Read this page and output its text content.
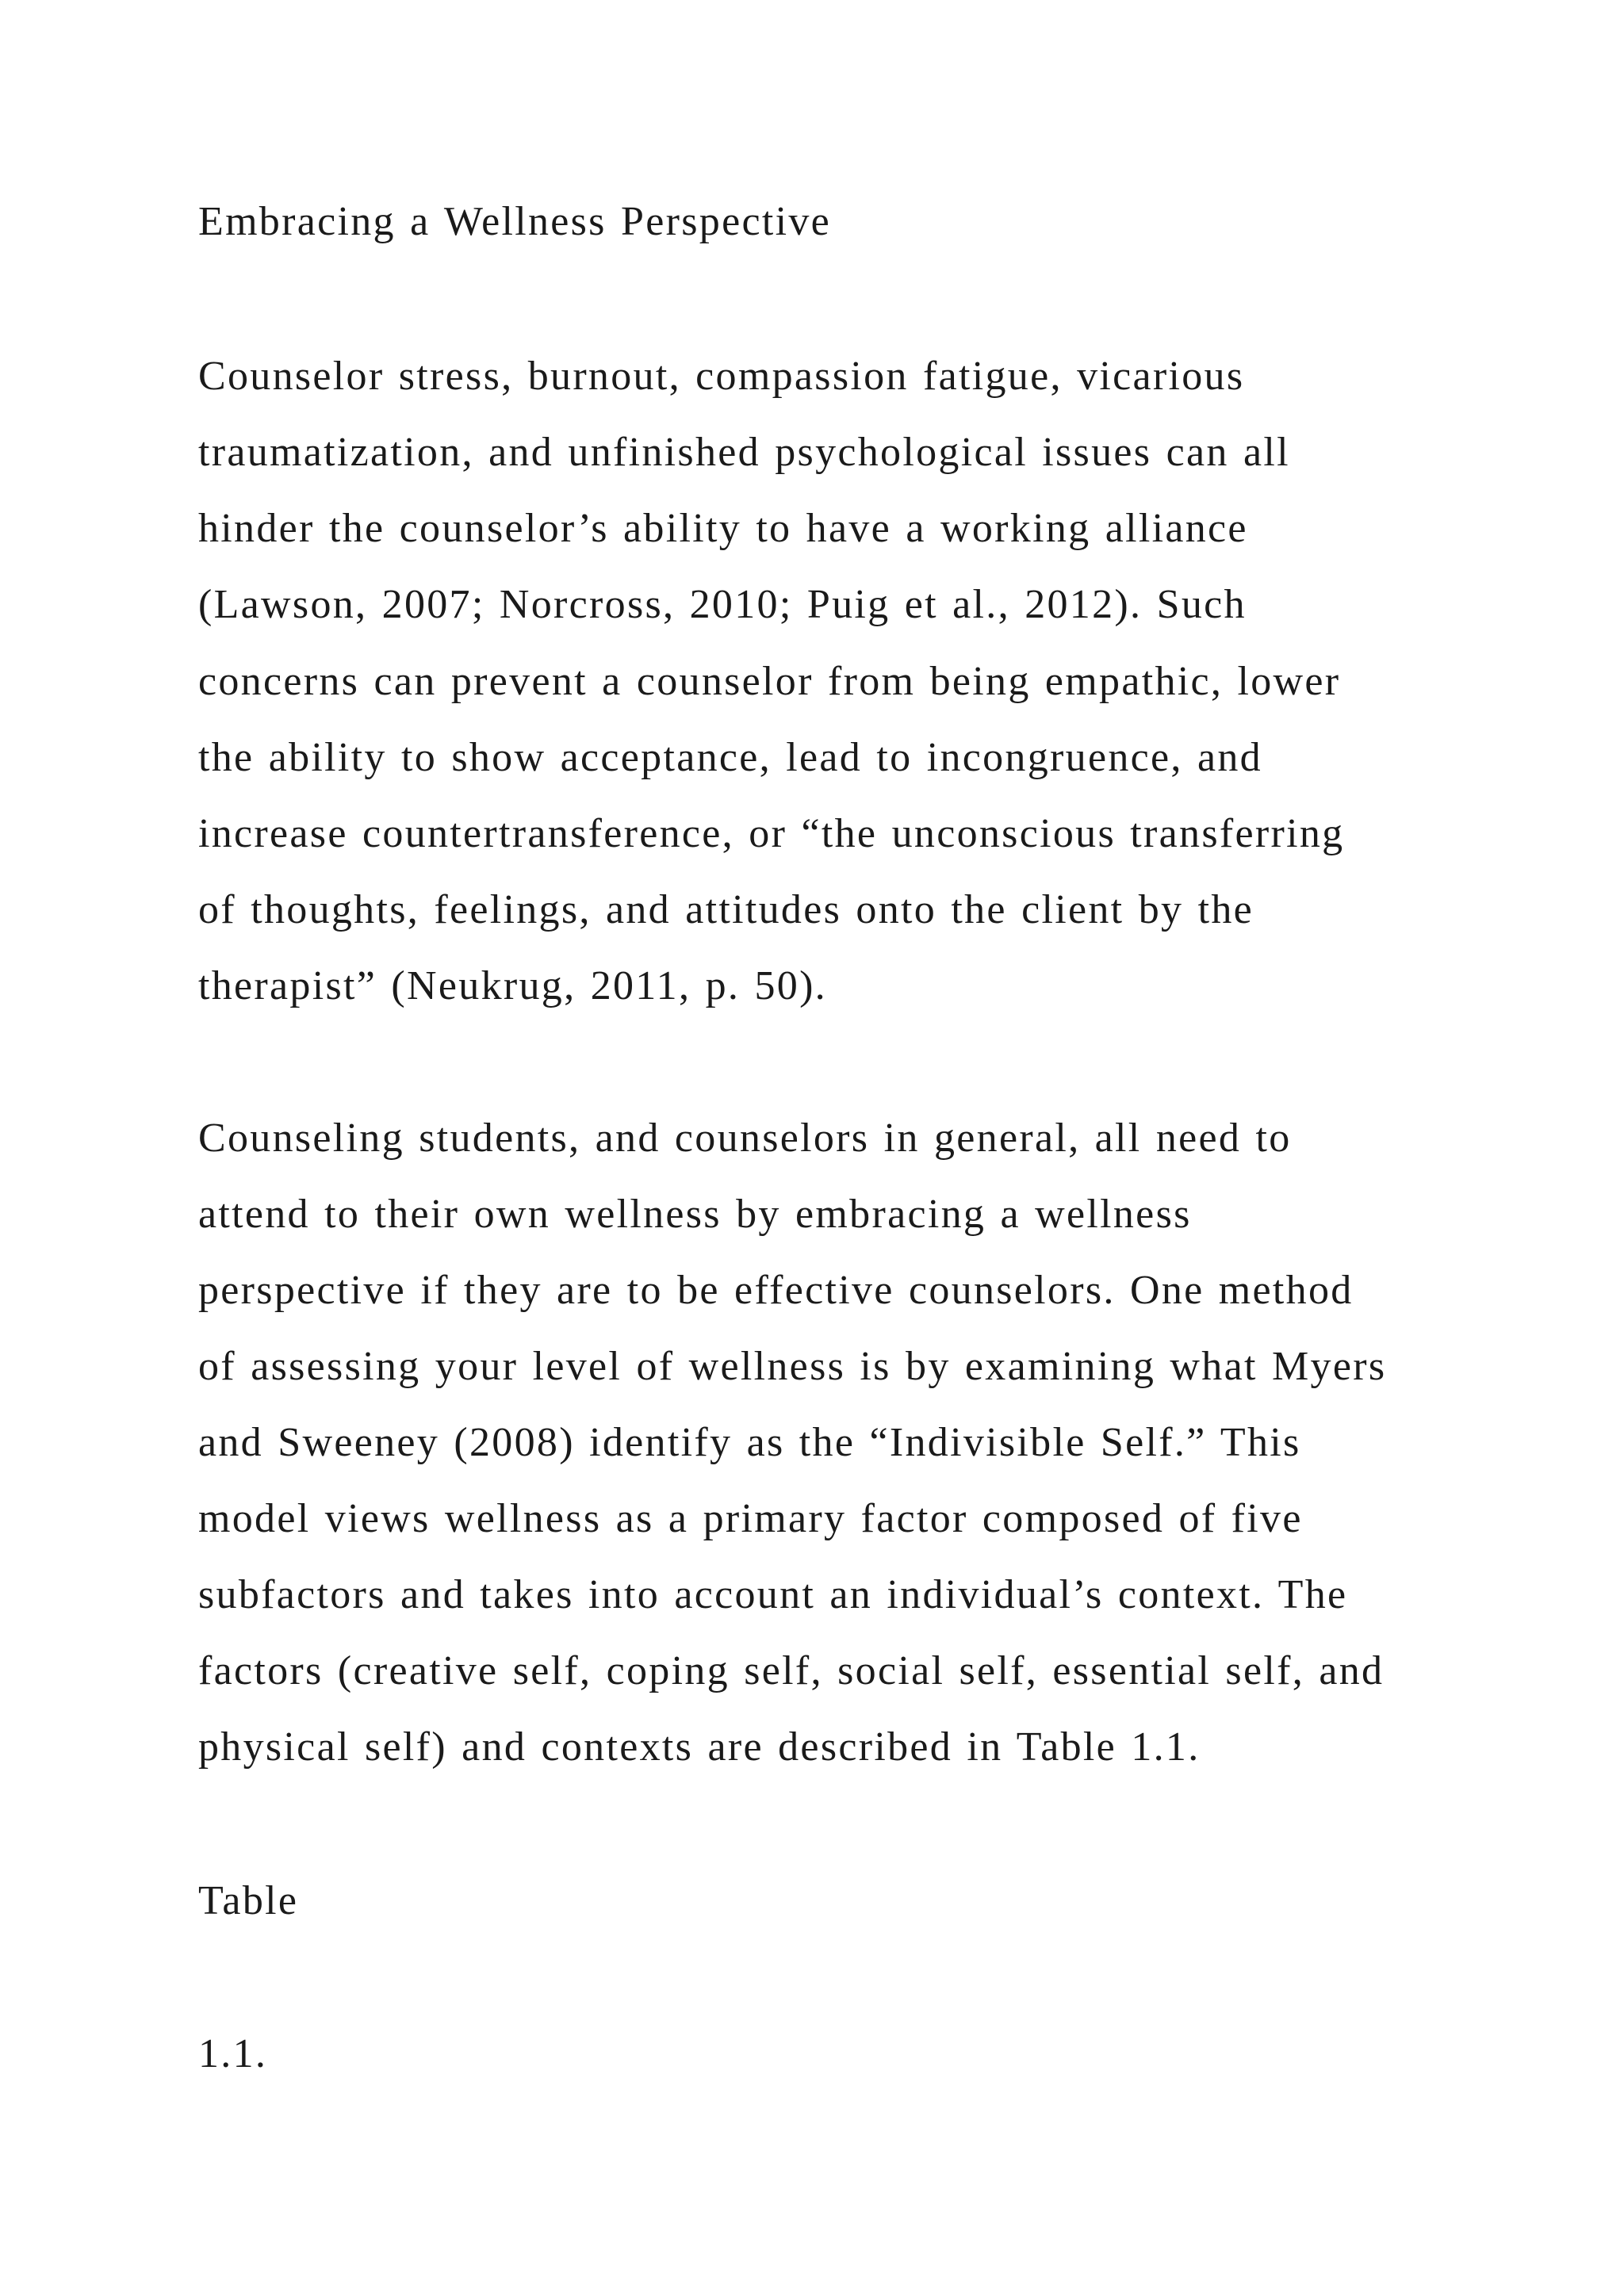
Embracing a Wellness Perspective

Counselor stress, burnout, compassion fatigue, vicarious

traumatization, and unfinished psychological issues can all

hinder the counselor’s ability to have a working alliance

(Lawson, 2007; Norcross, 2010; Puig et al., 2012). Such

concerns can prevent a counselor from being empathic, lower

the ability to show acceptance, lead to incongruence, and

increase countertransference, or “the unconscious transferring

of thoughts, feelings, and attitudes onto the client by the

therapist” (Neukrug, 2011, p. 50).

Counseling students, and counselors in general, all need to

attend to their own wellness by embracing a wellness

perspective if they are to be effective counselors. One method

of assessing your level of wellness is by examining what Myers

and Sweeney (2008) identify as the “Indivisible Self.” This

model views wellness as a primary factor composed of five

subfactors and takes into account an individual’s context. The

factors (creative self, coping self, social self, essential self, and

physical self) and contexts are described in Table 1.1.

Table

1.1.
